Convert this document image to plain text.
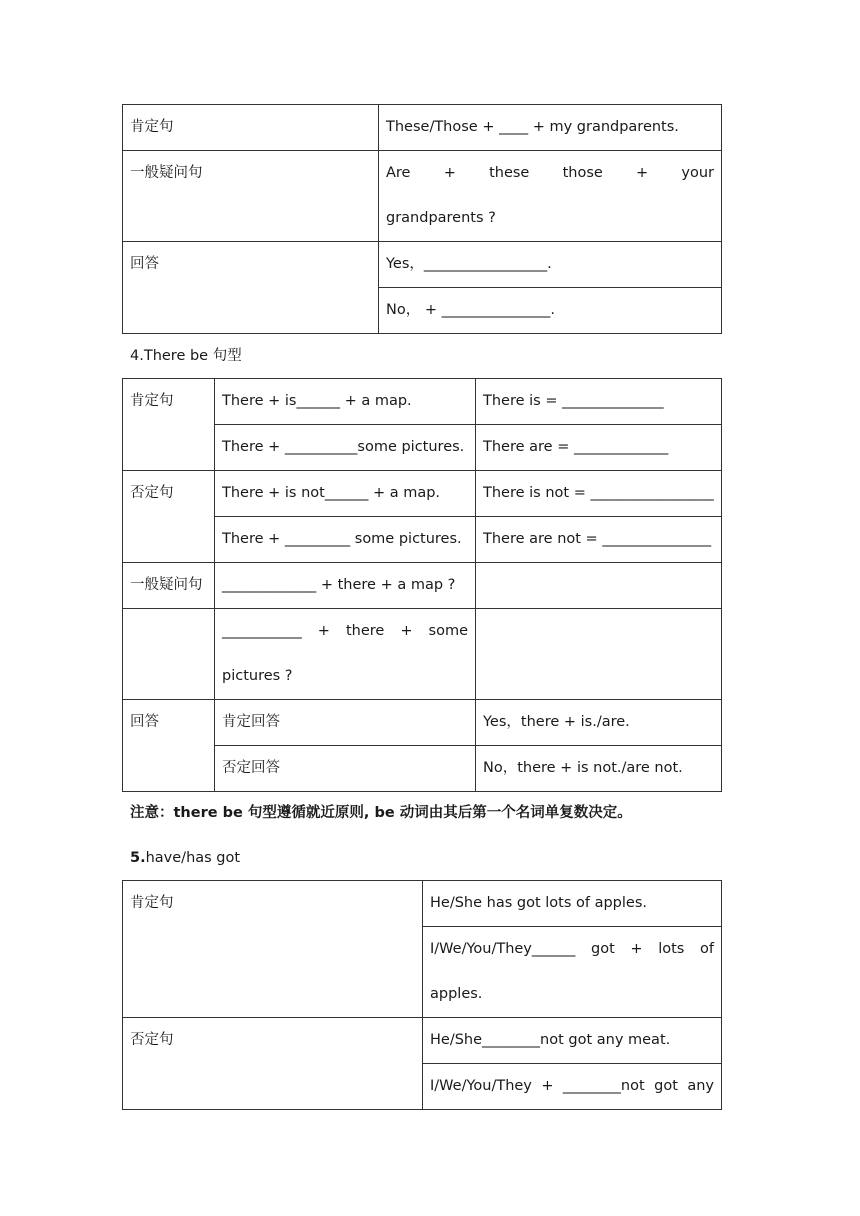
肯定句	These/Those + ____ + my grandparents.
一般疑问句	Are + these those + your
grandparents ?

回答	Yes，_________________.
	No， + _______________.
4.There be 句型
肯定句	There + is______ + a map.	There is = ______________
	There + __________some pictures.	There are = _____________
否定句	There + is not______ + a map.	There is not = _________________
	There + _________ some pictures.	There are not = _______________
一般疑问句	_____________ + there + a map ?	

	___________ + there + some
pictures ?	

回答	肯定回答	Yes，there + is./are.
	否定回答	No，there + is not./are not.
注意：there be 句型遵循就近原则, be 动词由其后第一个名词单复数决定。
5.have/has got
肯定句	He/She has got lots of apples.

	I/We/You/They______ got + lots of
apples.

否定句	He/She________not got any meat.

	I/We/You/They + ________not got any
